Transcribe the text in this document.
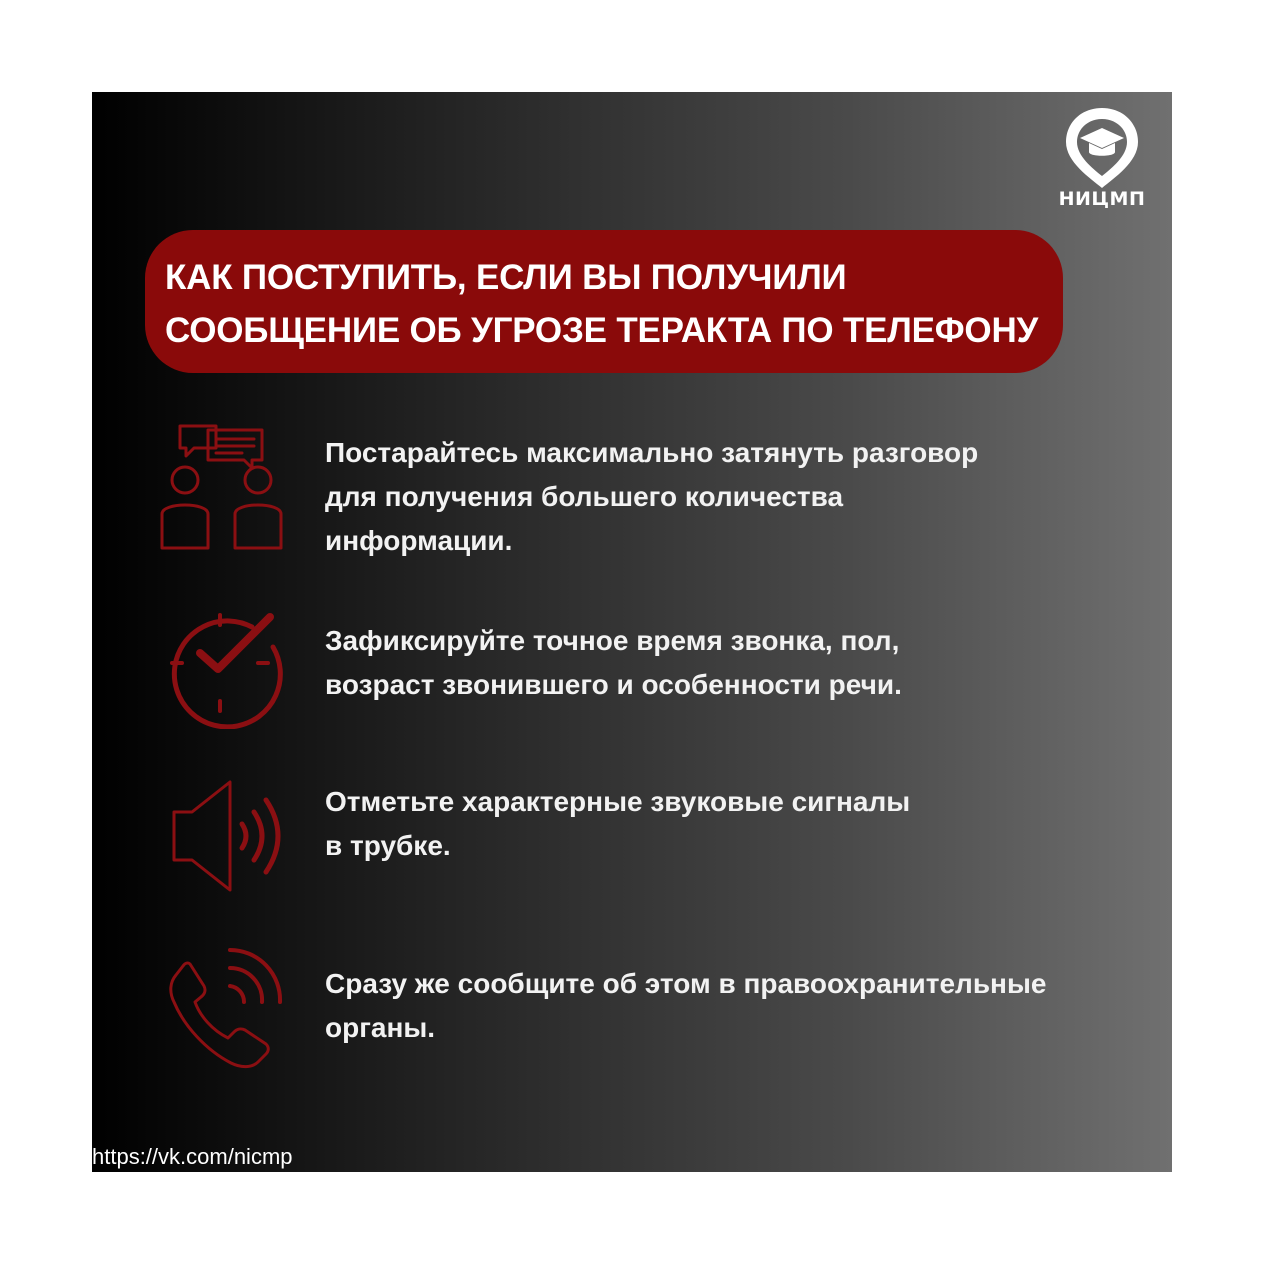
НИЦМП
КАК ПОСТУПИТЬ, ЕСЛИ ВЫ ПОЛУЧИЛИ
СООБЩЕНИЕ ОБ УГРОЗЕ ТЕРАКТА ПО ТЕЛЕФОНУ
Постарайтесь максимально затянуть разговор
для получения большего количества
информации.
Зафиксируйте точное время звонка, пол,
возраст звонившего и особенности речи.
Отметьте характерные звуковые сигналы
в трубке.
Сразу же сообщите об этом в правоохранительные
органы.
https://vk.com/nicmp
